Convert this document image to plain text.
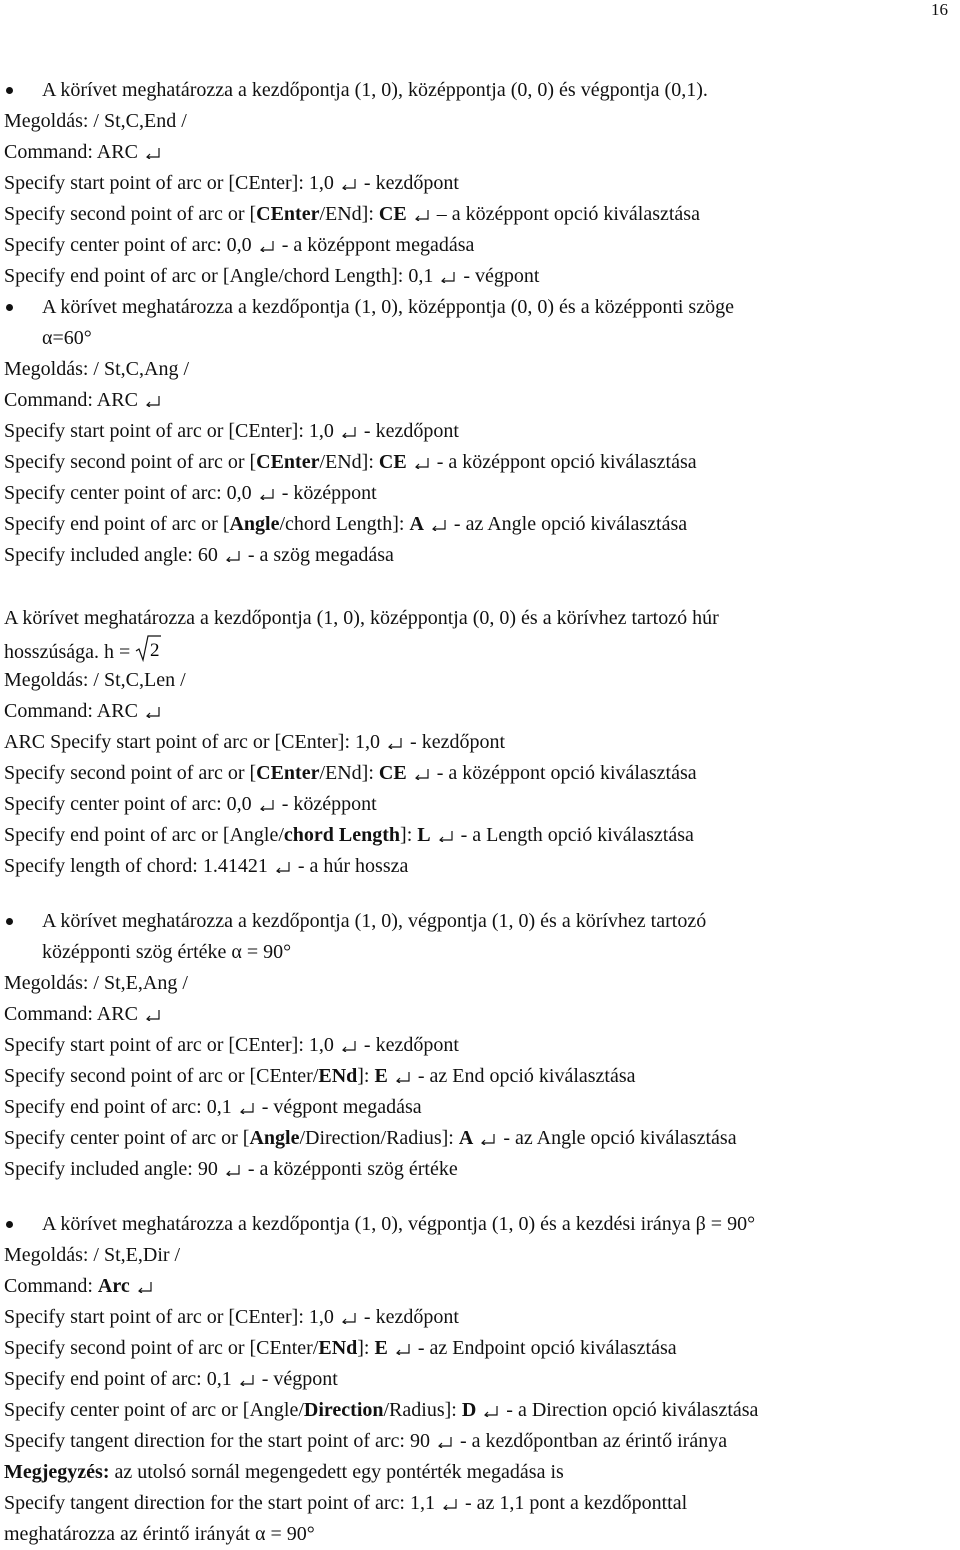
16
A körívet meghatározza a kezdőpontja (1, 0), középpontja (0, 0) és végpontja (0,1).
Megoldás: / St,C,End /
Command: ARC
Specify start point of arc or [CEnter]: 1,0
- kezdőpont
Specify second point of arc or [CEnter/ENd]: CE
– a középpont opció kiválasztása
Specify center point of arc: 0,0
- a középpont megadása
Specify end point of arc or [Angle/chord Length]: 0,1
- végpont
A körívet meghatározza a kezdőpontja (1, 0), középpontja (0, 0) és a középponti szöge
α=60°
Megoldás: / St,C,Ang /
Command: ARC
Specify start point of arc or [CEnter]: 1,0
- kezdőpont
Specify second point of arc or [CEnter/ENd]: CE
- a középpont opció kiválasztása
Specify center point of arc: 0,0
- középpont
Specify end point of arc or [Angle/chord Length]: A
- az Angle opció kiválasztása
Specify included angle: 60
- a szög megadása
A körívet meghatározza a kezdőpontja (1, 0), középpontja (0, 0) és a körívhez tartozó húr
hosszúsága. h = 2
Megoldás: / St,C,Len /
Command: ARC
ARC Specify start point of arc or [CEnter]: 1,0
- kezdőpont
Specify second point of arc or [CEnter/ENd]: CE
- a középpont opció kiválasztása
Specify center point of arc: 0,0
- középpont
Specify end point of arc or [Angle/chord Length]: L
- a Length opció kiválasztása
Specify length of chord: 1.41421
- a húr hossza
A körívet meghatározza a kezdőpontja (1, 0), végpontja (1, 0) és a körívhez tartozó
középponti szög értéke α = 90°
Megoldás: / St,E,Ang /
Command: ARC
Specify start point of arc or [CEnter]: 1,0
- kezdőpont
Specify second point of arc or [CEnter/ENd]: E
- az End opció kiválasztása
Specify end point of arc: 0,1
- végpont megadása
Specify center point of arc or [Angle/Direction/Radius]: A
- az Angle opció kiválasztása
Specify included angle: 90
- a középponti szög értéke
A körívet meghatározza a kezdőpontja (1, 0), végpontja (1, 0) és a kezdési iránya β = 90°
Megoldás: / St,E,Dir /
Command: Arc
Specify start point of arc or [CEnter]: 1,0
- kezdőpont
Specify second point of arc or [CEnter/ENd]: E
- az Endpoint opció kiválasztása
Specify end point of arc: 0,1
- végpont
Specify center point of arc or [Angle/Direction/Radius]: D
- a Direction opció kiválasztása
Specify tangent direction for the start point of arc: 90
- a kezdőpontban az érintő iránya
Megjegyzés: az utolsó sornál megengedett egy pontérték megadása is
Specify tangent direction for the start point of arc: 1,1
- az 1,1 pont a kezdőponttal
meghatározza az érintő irányát α = 90°
